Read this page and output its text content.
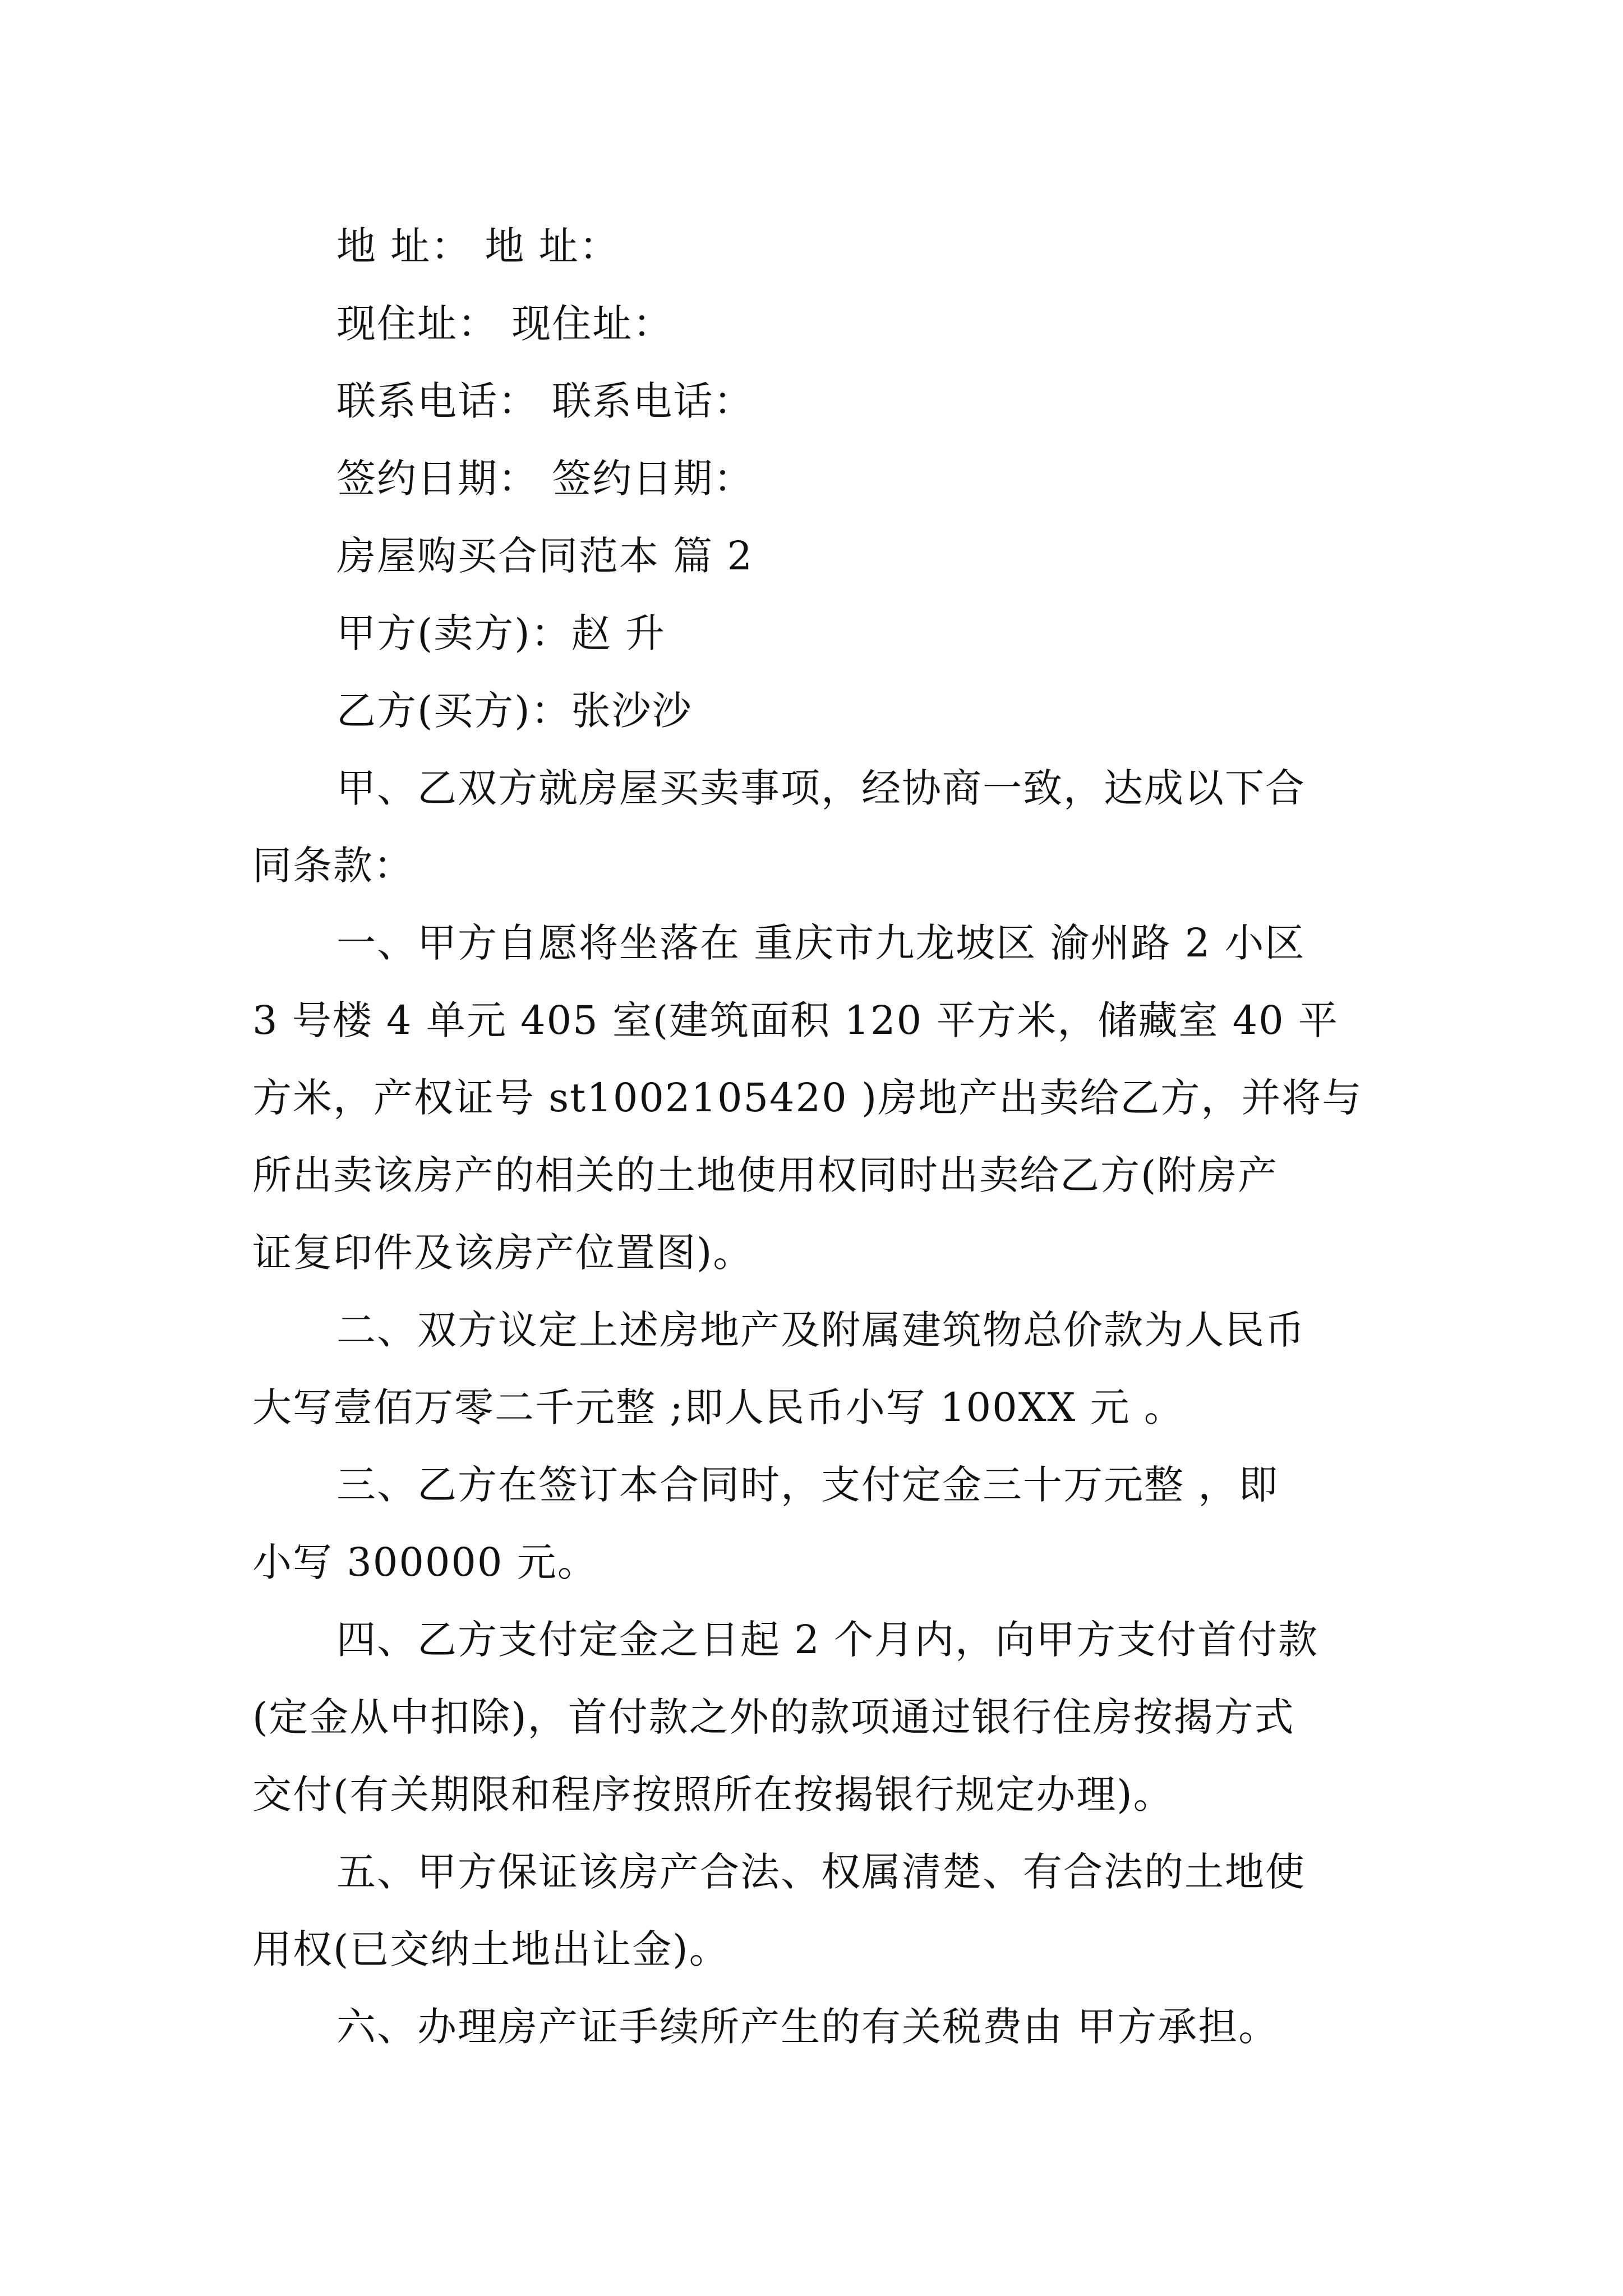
地 址： 地 址：
现住址： 现住址：
联系电话： 联系电话：
签约日期： 签约日期：
房屋购买合同范本 篇 2
甲方(卖方)：赵 升
乙方(买方)：张沙沙
甲、乙双方就房屋买卖事项，经协商一致，达成以下合
同条款：
一、甲方自愿将坐落在 重庆市九龙坡区 渝州路 2 小区
3 号楼 4 单元 405 室(建筑面积 120 平方米，储藏室 40 平
方米，产权证号 st1002105420 )房地产出卖给乙方，并将与
所出卖该房产的相关的土地使用权同时出卖给乙方(附房产
证复印件及该房产位置图)。
二、双方议定上述房地产及附属建筑物总价款为人民币
大写壹佰万零二千元整 ;即人民币小写 100XX 元 。
三、乙方在签订本合同时，支付定金三十万元整 ，即
小写 300000 元。
四、乙方支付定金之日起 2 个月内，向甲方支付首付款
(定金从中扣除)，首付款之外的款项通过银行住房按揭方式
交付(有关期限和程序按照所在按揭银行规定办理)。
五、甲方保证该房产合法、权属清楚、有合法的土地使
用权(已交纳土地出让金)。
六、办理房产证手续所产生的有关税费由 甲方承担。
